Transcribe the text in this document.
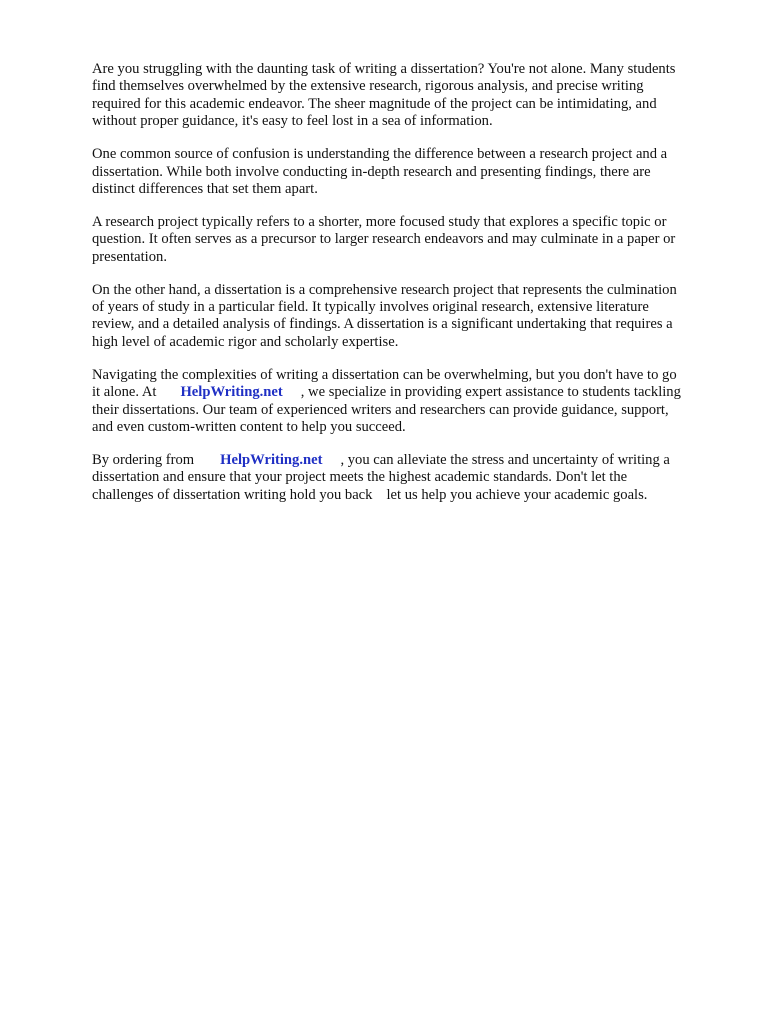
Are you struggling with the daunting task of writing a dissertation? You're not alone. Many students
find themselves overwhelmed by the extensive research, rigorous analysis, and precise writing
required for this academic endeavor. The sheer magnitude of the project can be intimidating, and
without proper guidance, it's easy to feel lost in a sea of information.

One common source of confusion is understanding the difference between a research project and a
dissertation. While both involve conducting in-depth research and presenting findings, there are
distinct differences that set them apart.

A research project typically refers to a shorter, more focused study that explores a specific topic or
question. It often serves as a precursor to larger research endeavors and may culminate in a paper or
presentation.

On the other hand, a dissertation is a comprehensive research project that represents the culmination
of years of study in a particular field. It typically involves original research, extensive literature
review, and a detailed analysis of findings. A dissertation is a significant undertaking that requires a
high level of academic rigor and scholarly expertise.

Navigating the complexities of writing a dissertation can be overwhelming, but you don't have to go
it alone. At HelpWriting.net , we specialize in providing expert assistance to students tackling
their dissertations. Our team of experienced writers and researchers can provide guidance, support,
and even custom-written content to help you succeed.

By ordering from HelpWriting.net , you can alleviate the stress and uncertainty of writing a
dissertation and ensure that your project meets the highest academic standards. Don't let the
challenges of dissertation writing hold you back let us help you achieve your academic goals.
